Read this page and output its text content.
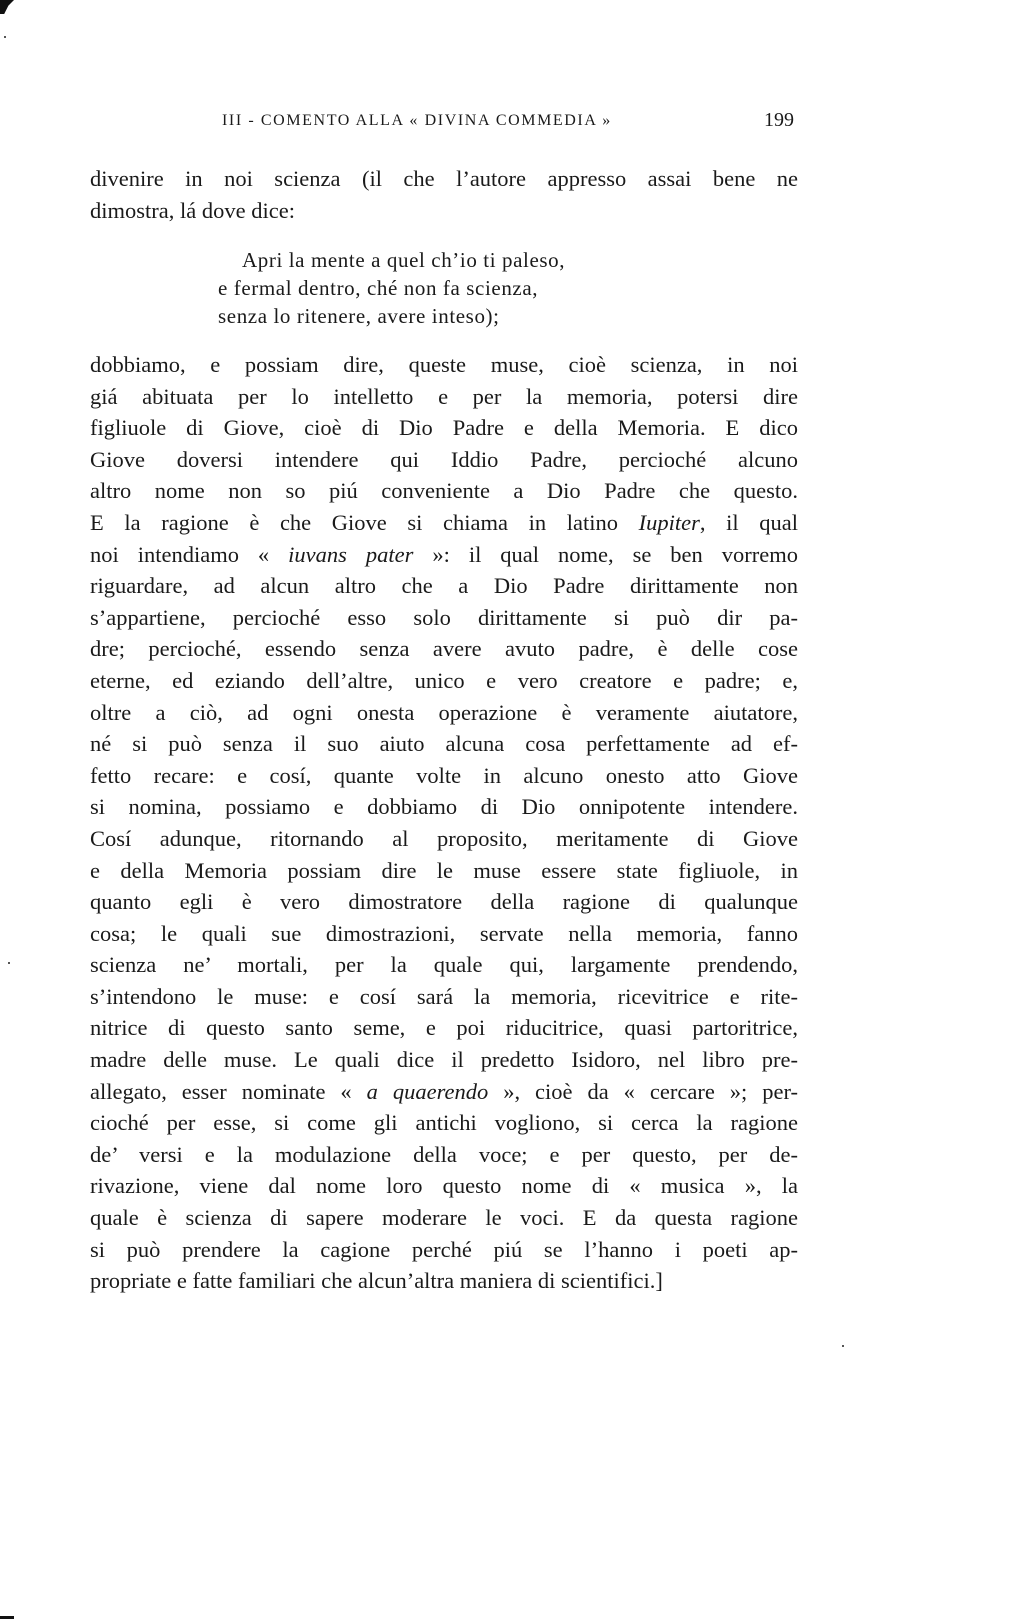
III - COMENTO ALLA « DIVINA COMMEDIA »	199
divenire in noi scienza (il che l’autore appresso assai bene ne
dimostra, lá dove dice:
Apri la mente a quel ch’io ti paleso,
e fermal dentro, ché non fa scienza,
senza lo ritenere, avere inteso);
dobbiamo, e possiam dire, queste muse, cioè scienza, in noi
giá abituata per lo intelletto e per la memoria, potersi dire
figliuole di Giove, cioè di Dio Padre e della Memoria. E dico
Giove doversi intendere qui Iddio Padre, percioché alcuno
altro nome non so piú conveniente a Dio Padre che questo.
E la ragione è che Giove si chiama in latino Iupiter, il qual
noi intendiamo « iuvans pater »: il qual nome, se ben vorremo
riguardare, ad alcun altro che a Dio Padre dirittamente non
s’appartiene, percioché esso solo dirittamente si può dir pa-
dre; percioché, essendo senza avere avuto padre, è delle cose
eterne, ed eziando dell’altre, unico e vero creatore e padre; e,
oltre a ciò, ad ogni onesta operazione è veramente aiutatore,
né si può senza il suo aiuto alcuna cosa perfettamente ad ef-
fetto recare: e cosí, quante volte in alcuno onesto atto Giove
si nomina, possiamo e dobbiamo di Dio onnipotente intendere.
Cosí adunque, ritornando al proposito, meritamente di Giove
e della Memoria possiam dire le muse essere state figliuole, in
quanto egli è vero dimostratore della ragione di qualunque
cosa; le quali sue dimostrazioni, servate nella memoria, fanno
scienza ne’ mortali, per la quale qui, largamente prendendo,
s’intendono le muse: e cosí sará la memoria, ricevitrice e rite-
nitrice di questo santo seme, e poi riducitrice, quasi partoritrice,
madre delle muse. Le quali dice il predetto Isidoro, nel libro pre-
allegato, esser nominate « a quaerendo », cioè da « cercare »; per-
cioché per esse, si come gli antichi vogliono, si cerca la ragione
de’ versi e la modulazione della voce; e per questo, per de-
rivazione, viene dal nome loro questo nome di « musica », la
quale è scienza di sapere moderare le voci. E da questa ragione
si può prendere la cagione perché piú se l’hanno i poeti ap-
propriate e fatte familiari che alcun’altra maniera di scientifici.]
